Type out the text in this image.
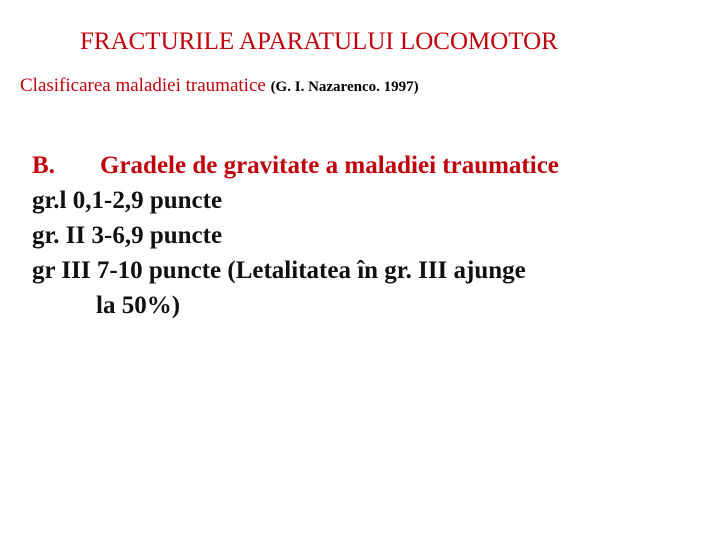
FRACTURILE APARATULUI LOCOMOTOR
Clasificarea maladiei traumatice (G. I. Nazarenco. 1997)
B. Gradele de gravitate a maladiei traumatice
gr.l 0,1-2,9 puncte
gr. II 3-6,9 puncte
gr III 7-10 puncte (Letalitatea în gr. III ajunge
la 50%)
